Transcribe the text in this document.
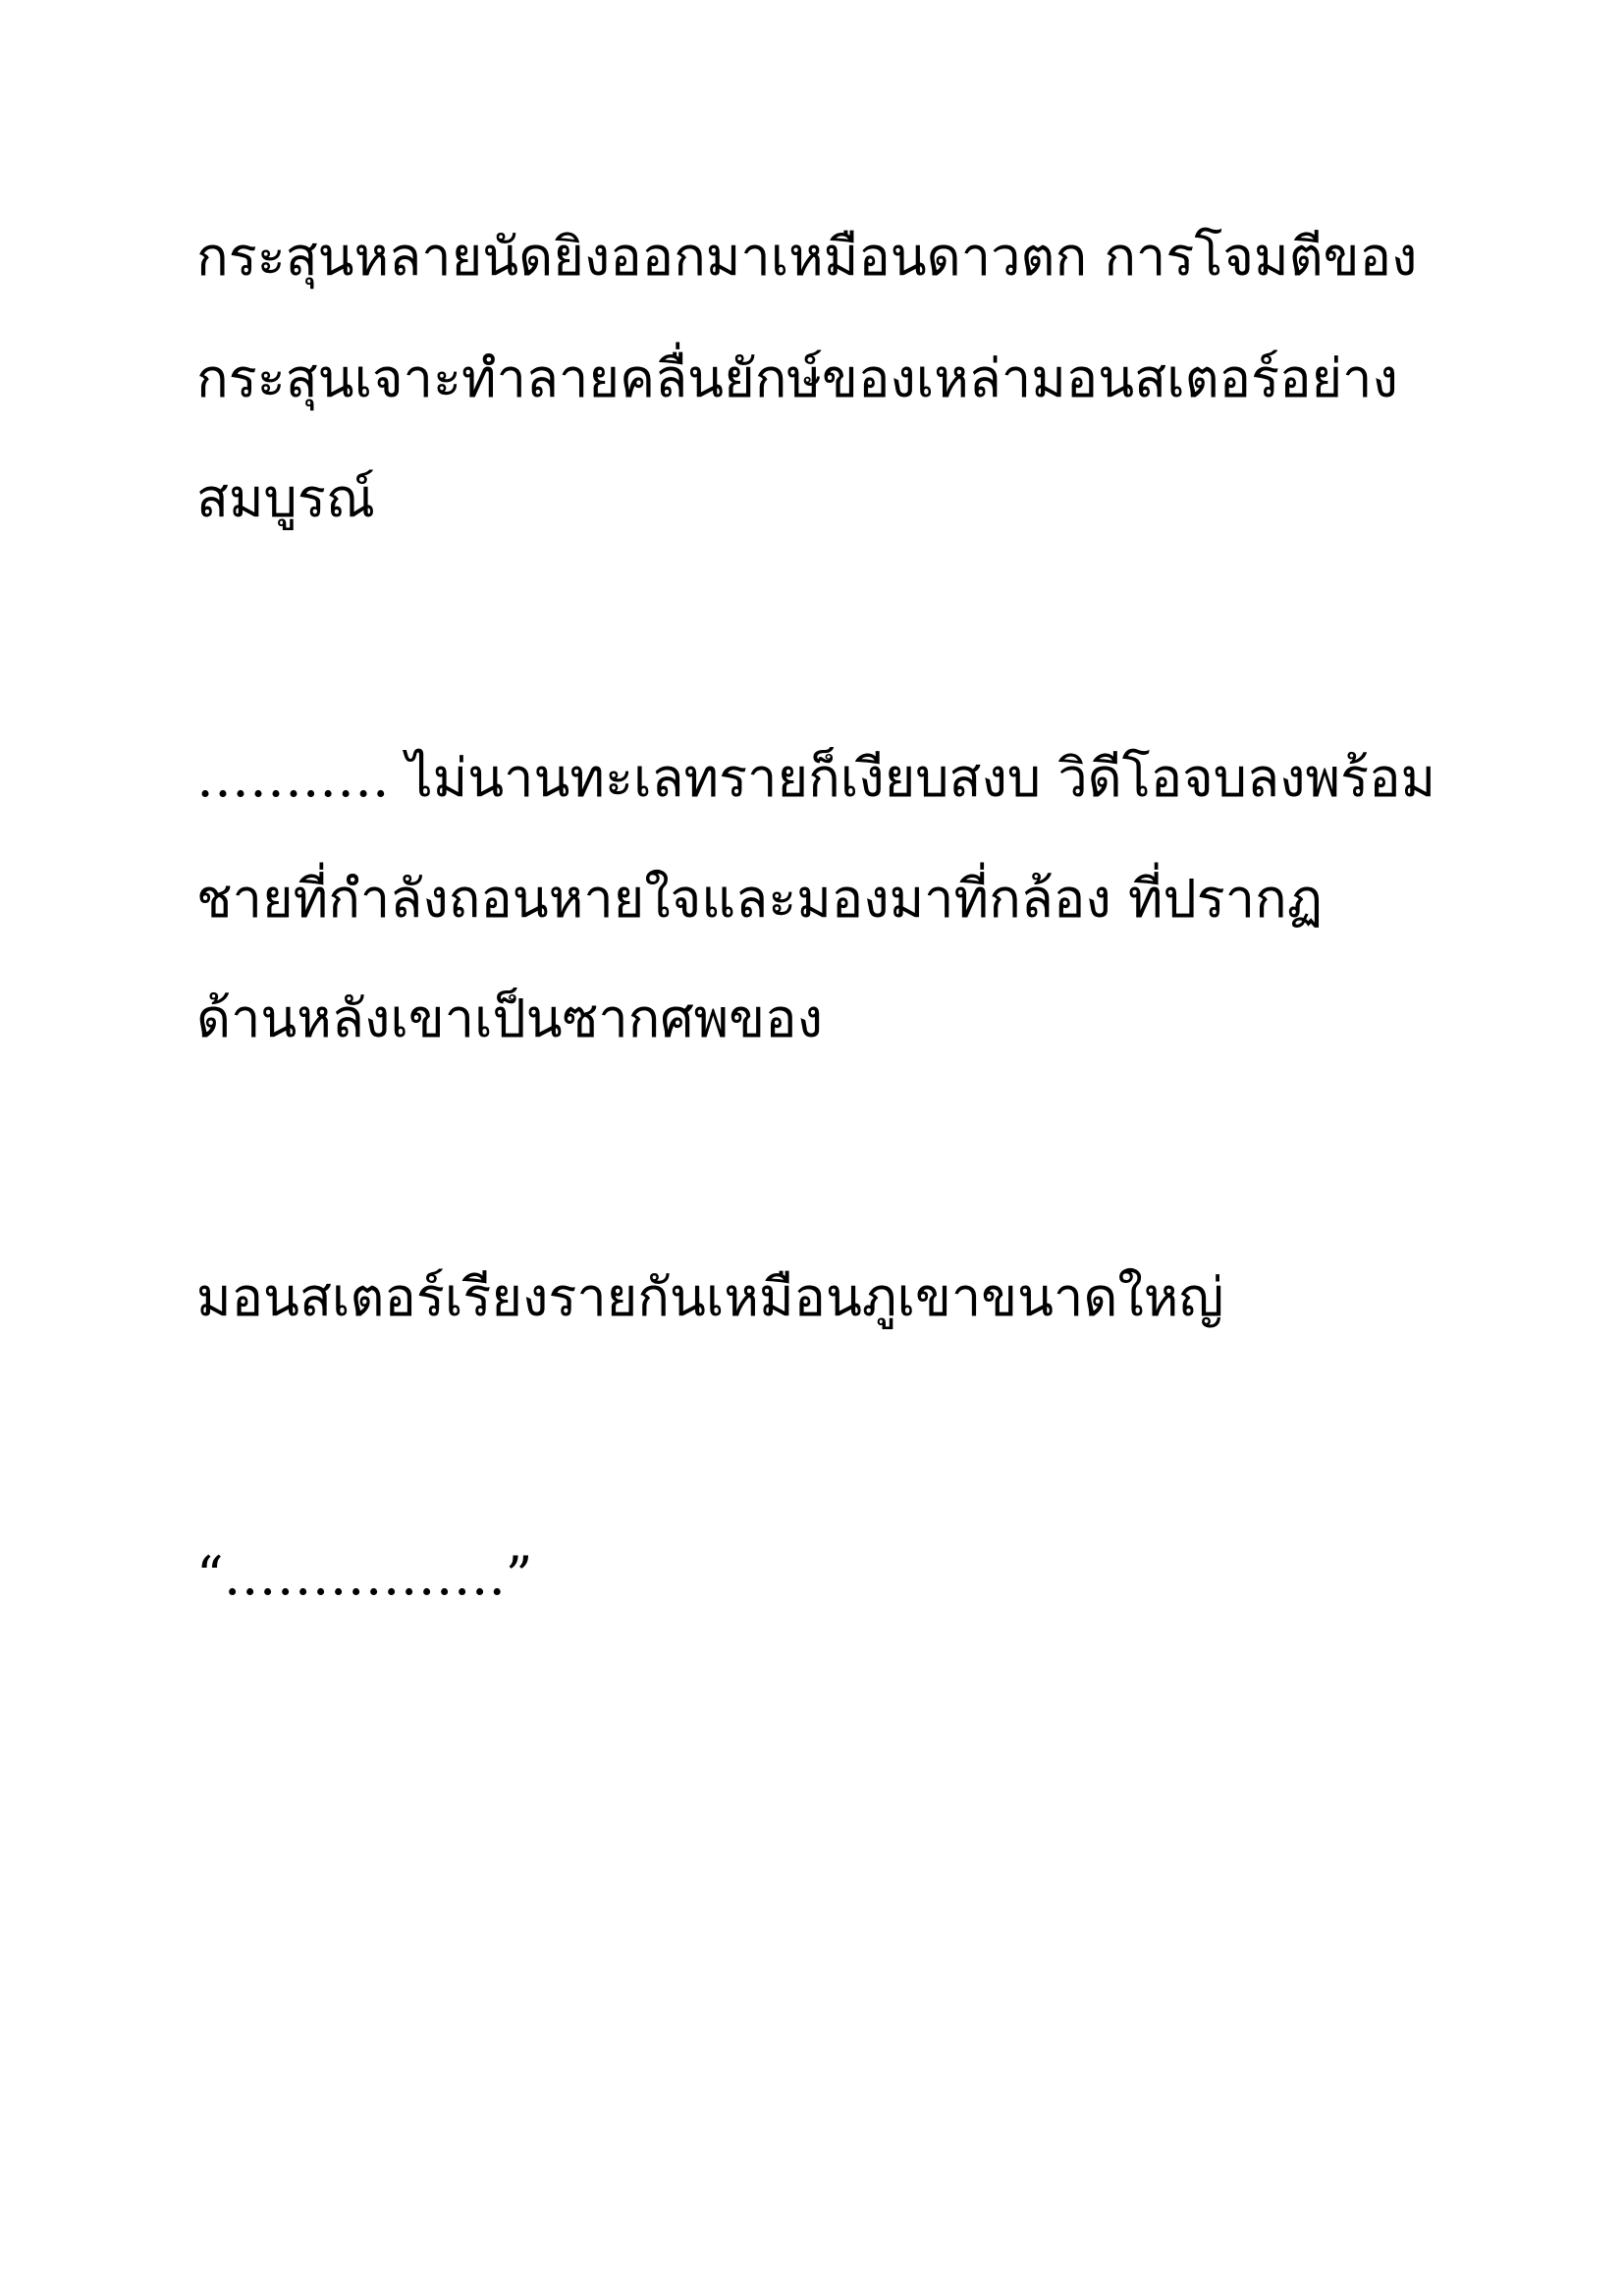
กระสุนหลายนัดยิงออกมาเหมือนดาวตก การโจมตีของ
กระสุนเจาะทำลายคลื่นยักษ์ของเหล่ามอนสเตอร์อย่าง
สมบูรณ์
…….…. ไม่นานทะเลทรายก็เงียบสงบ วิดีโอจบลงพร้อม
ชายที่กำลังถอนหายใจและมองมาที่กล้อง ที่ปรากฏ
ด้านหลังเขาเป็นซากศพของ
มอนสเตอร์เรียงรายกันเหมือนภูเขาขนาดใหญ่
“…………….”
